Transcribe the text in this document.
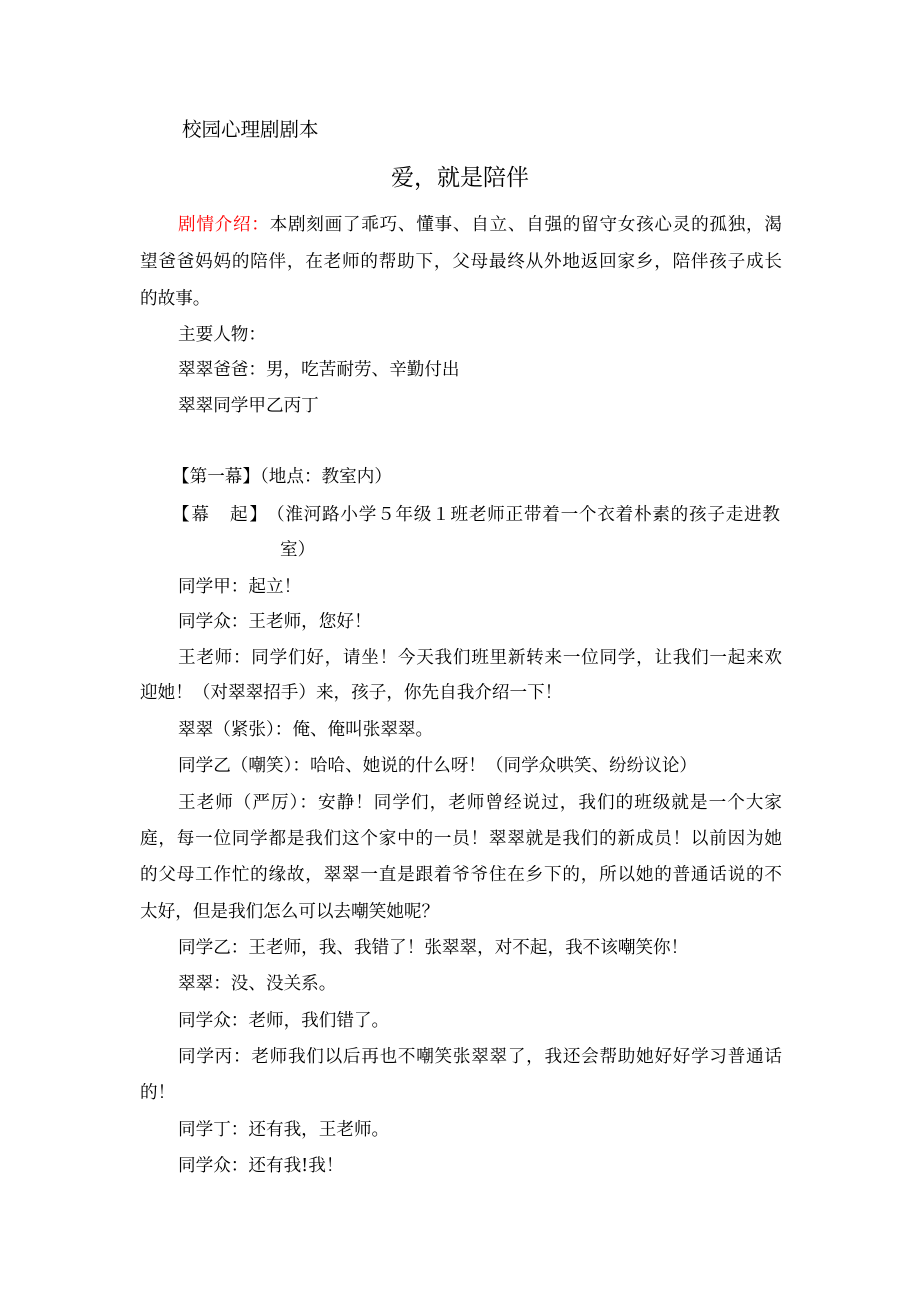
校园心理剧剧本
爱，就是陪伴
剧情介绍：本剧刻画了乖巧、懂事、自立、自强的留守女孩心灵的孤独，渴
望爸爸妈妈的陪伴，在老师的帮助下，父母最终从外地返回家乡，陪伴孩子成长
的故事。
主要人物：
翠翠爸爸：男，吃苦耐劳、辛勤付出
翠翠同学甲乙丙丁
【第一幕】（地点：教室内）
【幕　起】（淮河路小学５年级１班老师正带着一个衣着朴素的孩子走进教
室）
同学甲：起立！
同学众：王老师，您好！
王老师：同学们好，请坐！今天我们班里新转来一位同学，让我们一起来欢
迎她！（对翠翠招手）来，孩子，你先自我介绍一下！
翠翠（紧张）：俺、俺叫张翠翠。
同学乙（嘲笑）：哈哈、她说的什么呀！（同学众哄笑、纷纷议论）
王老师（严厉）：安静！同学们，老师曾经说过，我们的班级就是一个大家
庭，每一位同学都是我们这个家中的一员！翠翠就是我们的新成员！以前因为她
的父母工作忙的缘故，翠翠一直是跟着爷爷住在乡下的，所以她的普通话说的不
太好，但是我们怎么可以去嘲笑她呢？
同学乙：王老师，我、我错了！张翠翠，对不起，我不该嘲笑你！
翠翠：没、没关系。
同学众：老师，我们错了。
同学丙：老师我们以后再也不嘲笑张翠翠了，我还会帮助她好好学习普通话
的！
同学丁：还有我，王老师。
同学众：还有我!我！
